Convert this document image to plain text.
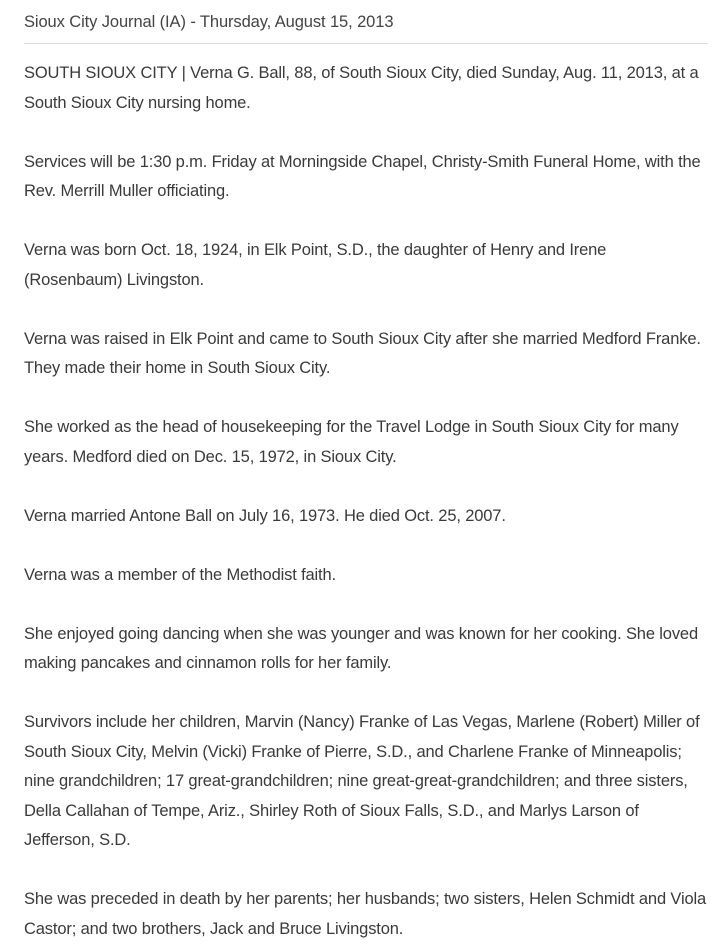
Sioux City Journal (IA) - Thursday, August 15, 2013

SOUTH SIOUX CITY | Verna G. Ball, 88, of South Sioux City, died Sunday, Aug. 11, 2013, at a South Sioux City nursing home.

Services will be 1:30 p.m. Friday at Morningside Chapel, Christy-Smith Funeral Home, with the Rev. Merrill Muller officiating.

Verna was born Oct. 18, 1924, in Elk Point, S.D., the daughter of Henry and Irene (Rosenbaum) Livingston.

Verna was raised in Elk Point and came to South Sioux City after she married Medford Franke. They made their home in South Sioux City.

She worked as the head of housekeeping for the Travel Lodge in South Sioux City for many years. Medford died on Dec. 15, 1972, in Sioux City.

Verna married Antone Ball on July 16, 1973. He died Oct. 25, 2007.

Verna was a member of the Methodist faith.

She enjoyed going dancing when she was younger and was known for her cooking. She loved making pancakes and cinnamon rolls for her family.

Survivors include her children, Marvin (Nancy) Franke of Las Vegas, Marlene (Robert) Miller of South Sioux City, Melvin (Vicki) Franke of Pierre, S.D., and Charlene Franke of Minneapolis; nine grandchildren; 17 great-grandchildren; nine great-great-grandchildren; and three sisters, Della Callahan of Tempe, Ariz., Shirley Roth of Sioux Falls, S.D., and Marlys Larson of Jefferson, S.D.

She was preceded in death by her parents; her husbands; two sisters, Helen Schmidt and Viola Castor; and two brothers, Jack and Bruce Livingston.
